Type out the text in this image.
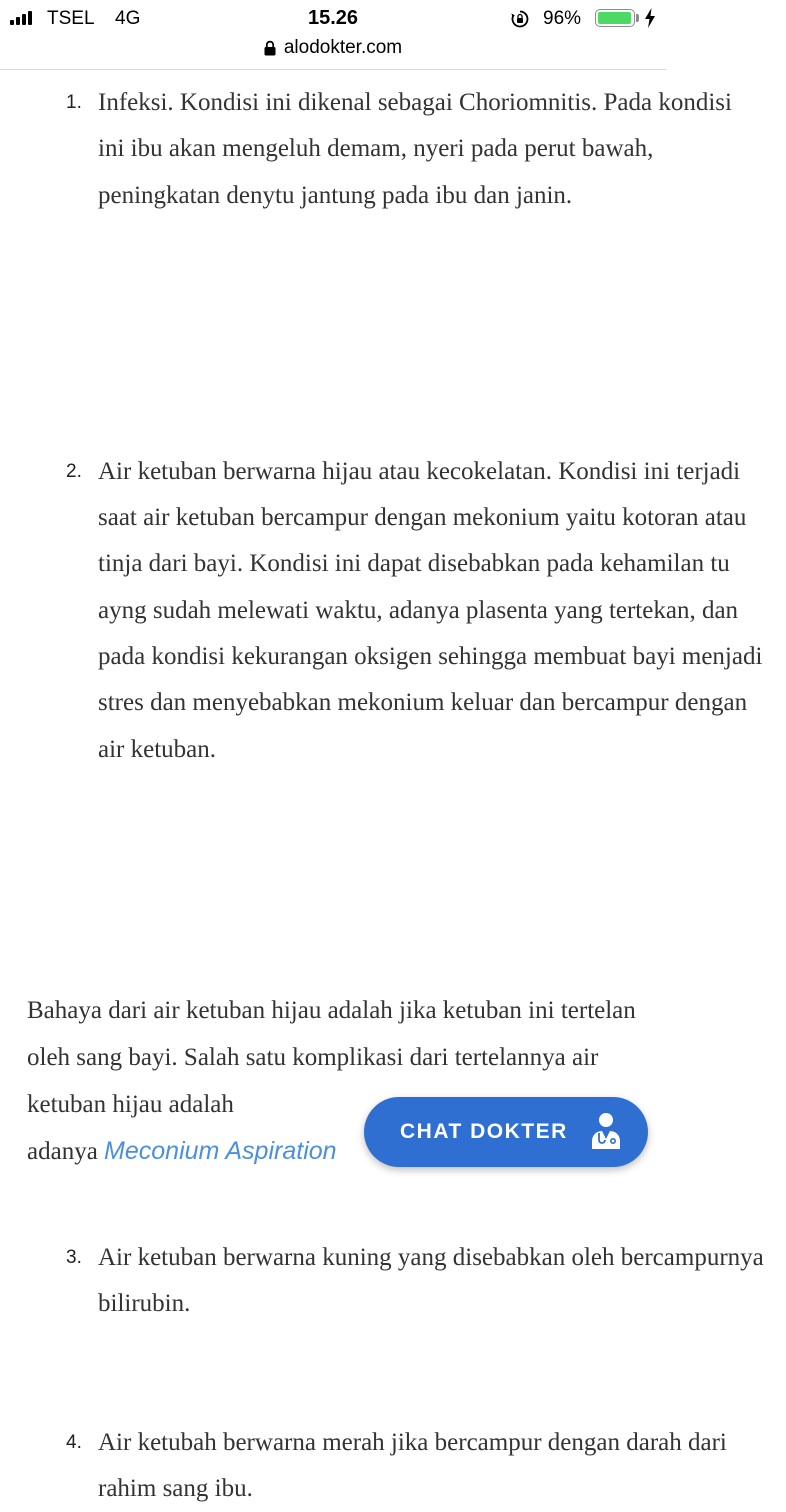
TSEL 4G	15.26	96%
alodokter.com
1. Infeksi. Kondisi ini dikenal sebagai Choriomnitis. Pada kondisi ini ibu akan mengeluh demam, nyeri pada perut bawah, peningkatan denytu jantung pada ibu dan janin.
2. Air ketuban berwarna hijau atau kecokelatan. Kondisi ini terjadi saat air ketuban bercampur dengan mekonium yaitu kotoran atau tinja dari bayi. Kondisi ini dapat disebabkan pada kehamilan tu ayng sudah melewati waktu, adanya plasenta yang tertekan, dan pada kondisi kekurangan oksigen sehingga membuat bayi menjadi stres dan menyebabkan mekonium keluar dan bercampur dengan air ketuban.
3. Air ketuban berwarna kuning yang disebabkan oleh bercampurnya bilirubin.
4. Air ketubah berwarna merah jika bercampur dengan darah dari rahim sang ibu.

Bahaya dari air ketuban hijau adalah jika ketuban ini tertelan oleh sang bayi. Salah satu komplikasi dari tertelannya air ketuban hijau adalah
adanya Meconium Aspiration

CHAT DOKTER
